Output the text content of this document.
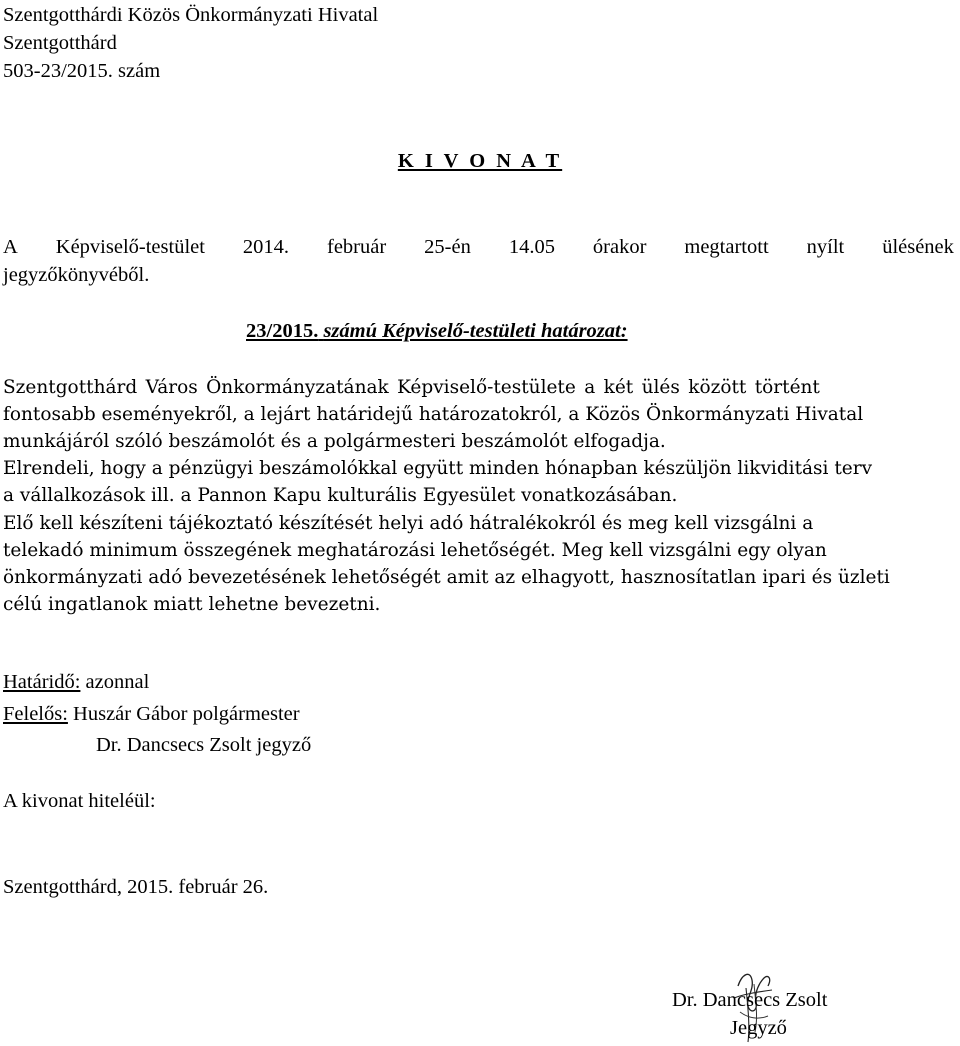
Szentgotthárdi Közös Önkormányzati Hivatal
Szentgotthárd
503-23/2015. szám
K I V O N A T
A Képviselő-testület 2014. február 25-én 14.05 órakor megtartott nyílt ülésének
jegyzőkönyvéből.
23/2015. számú Képviselő-testületi határozat:
Szentgotthárd Város Önkormányzatának Képviselő-testülete a két ülés között történt
fontosabb eseményekről, a lejárt határidejű határozatokról, a Közös Önkormányzati Hivatal
munkájáról szóló beszámolót és a polgármesteri beszámolót elfogadja.
Elrendeli, hogy a pénzügyi beszámolókkal együtt minden hónapban készüljön likviditási terv
a vállalkozások ill. a Pannon Kapu kulturális Egyesület vonatkozásában.
Elő kell készíteni tájékoztató készítését helyi adó hátralékokról és meg kell vizsgálni a
telekadó minimum összegének meghatározási lehetőségét. Meg kell vizsgálni egy olyan
önkormányzati adó bevezetésének lehetőségét amit az elhagyott, hasznosítatlan ipari és üzleti
célú ingatlanok miatt lehetne bevezetni.
Határidő: azonnal
Felelős: Huszár Gábor polgármester
Dr. Dancsecs Zsolt jegyző
A kivonat hiteléül:
Szentgotthárd, 2015. február 26.
Dr. Dancsecs Zsolt
Jegyző
